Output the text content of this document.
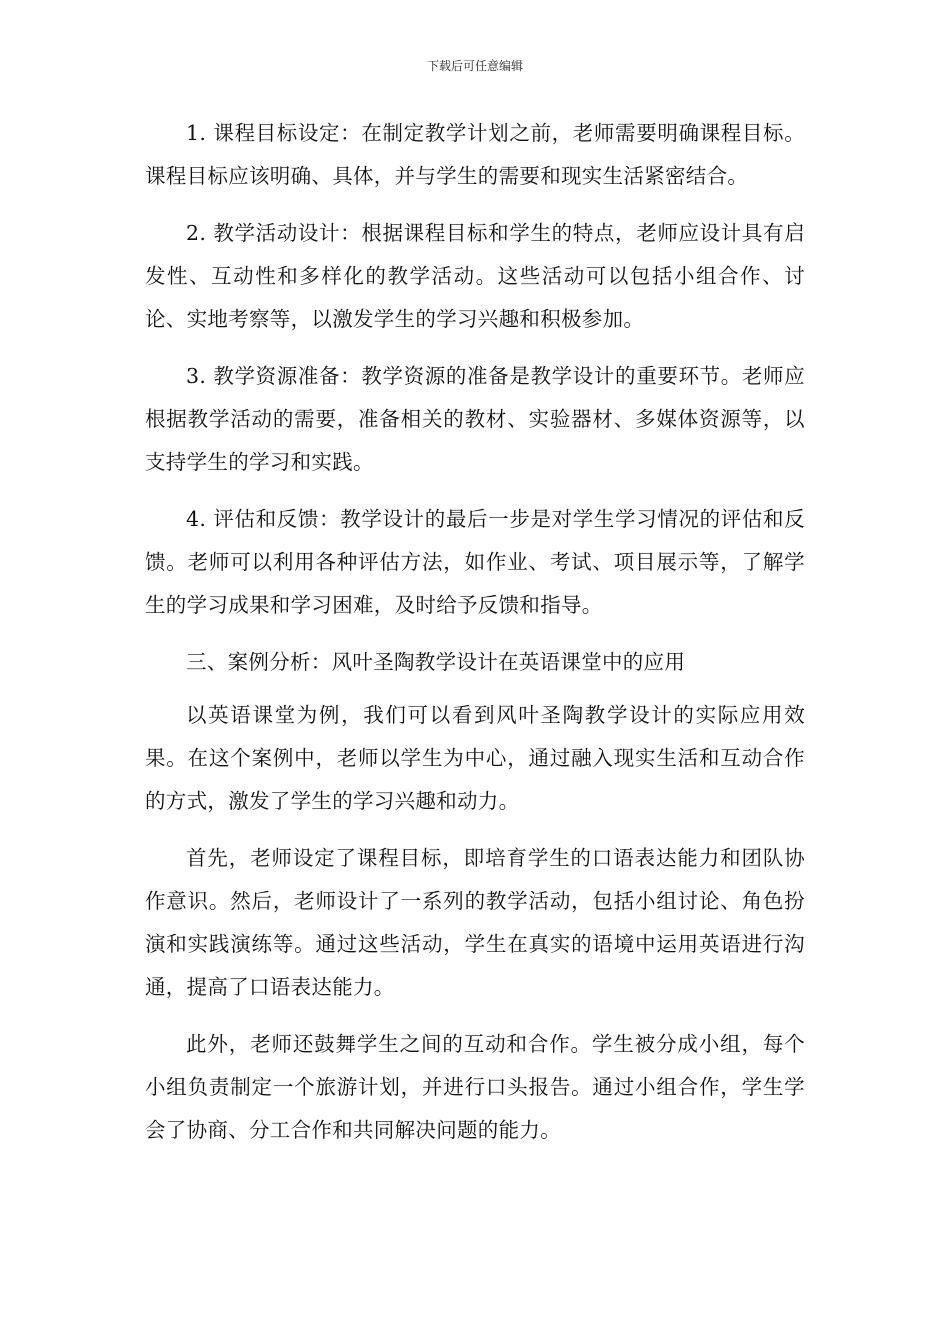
下载后可任意编辑

1. 课程目标设定：在制定教学计划之前，老师需要明确课程目标。课程目标应该明确、具体，并与学生的需要和现实生活紧密结合。

2. 教学活动设计：根据课程目标和学生的特点，老师应设计具有启发性、互动性和多样化的教学活动。这些活动可以包括小组合作、讨论、实地考察等，以激发学生的学习兴趣和积极参加。

3. 教学资源准备：教学资源的准备是教学设计的重要环节。老师应根据教学活动的需要，准备相关的教材、实验器材、多媒体资源等，以支持学生的学习和实践。

4. 评估和反馈：教学设计的最后一步是对学生学习情况的评估和反馈。老师可以利用各种评估方法，如作业、考试、项目展示等，了解学生的学习成果和学习困难，及时给予反馈和指导。

三、案例分析：风叶圣陶教学设计在英语课堂中的应用

以英语课堂为例，我们可以看到风叶圣陶教学设计的实际应用效果。在这个案例中，老师以学生为中心，通过融入现实生活和互动合作的方式，激发了学生的学习兴趣和动力。

首先，老师设定了课程目标，即培育学生的口语表达能力和团队协作意识。然后，老师设计了一系列的教学活动，包括小组讨论、角色扮演和实践演练等。通过这些活动，学生在真实的语境中运用英语进行沟通，提高了口语表达能力。

此外，老师还鼓舞学生之间的互动和合作。学生被分成小组，每个小组负责制定一个旅游计划，并进行口头报告。通过小组合作，学生学会了协商、分工合作和共同解决问题的能力。
